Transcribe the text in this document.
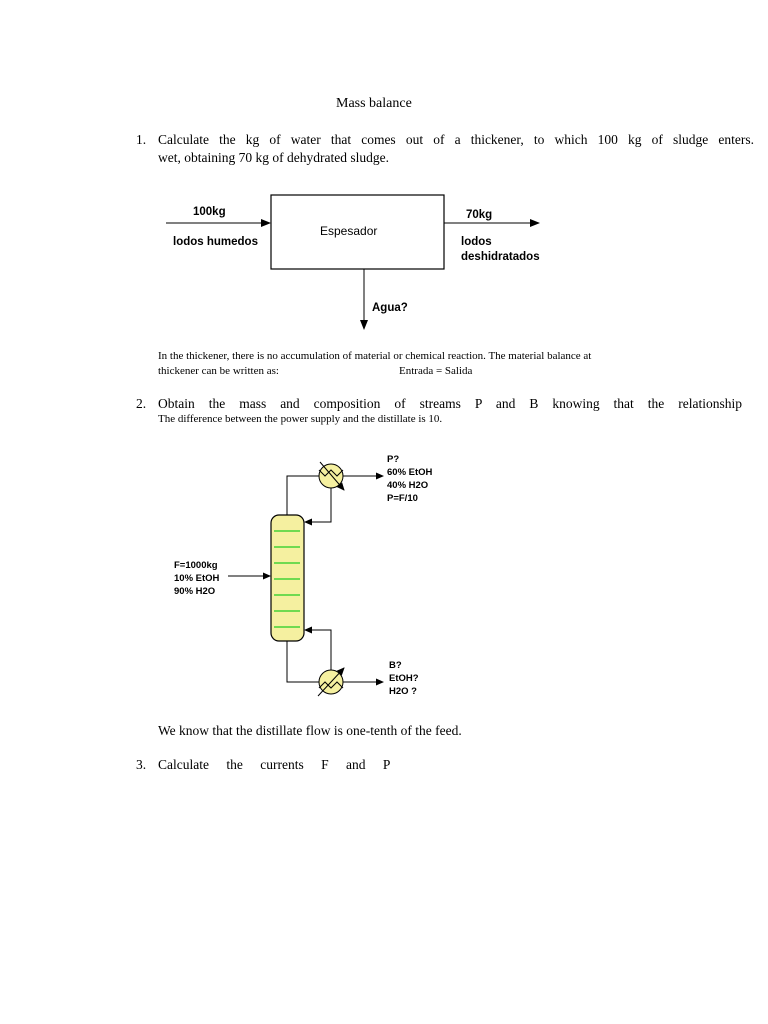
Mass balance
1. Calculate the kg of water that comes out of a thickener, to which 100 kg of sludge enters.
wet, obtaining 70 kg of dehydrated sludge.
Espesador
100kg
lodos humedos
70kg
lodos
deshidratados
Agua?
P?
60% EtOH
40% H2O
P=F/10
F=1000kg
10% EtOH
90% H2O
B?
EtOH?
H2O ?
In the thickener, there is no accumulation of material or chemical reaction. The material balance at
thickener can be written as:	Entrada = Salida
2. Obtain the mass and composition of streams P and B knowing that the relationship
The difference between the power supply and the distillate is 10.
We know that the distillate flow is one-tenth of the feed.
3. Calculate the currents F and P
